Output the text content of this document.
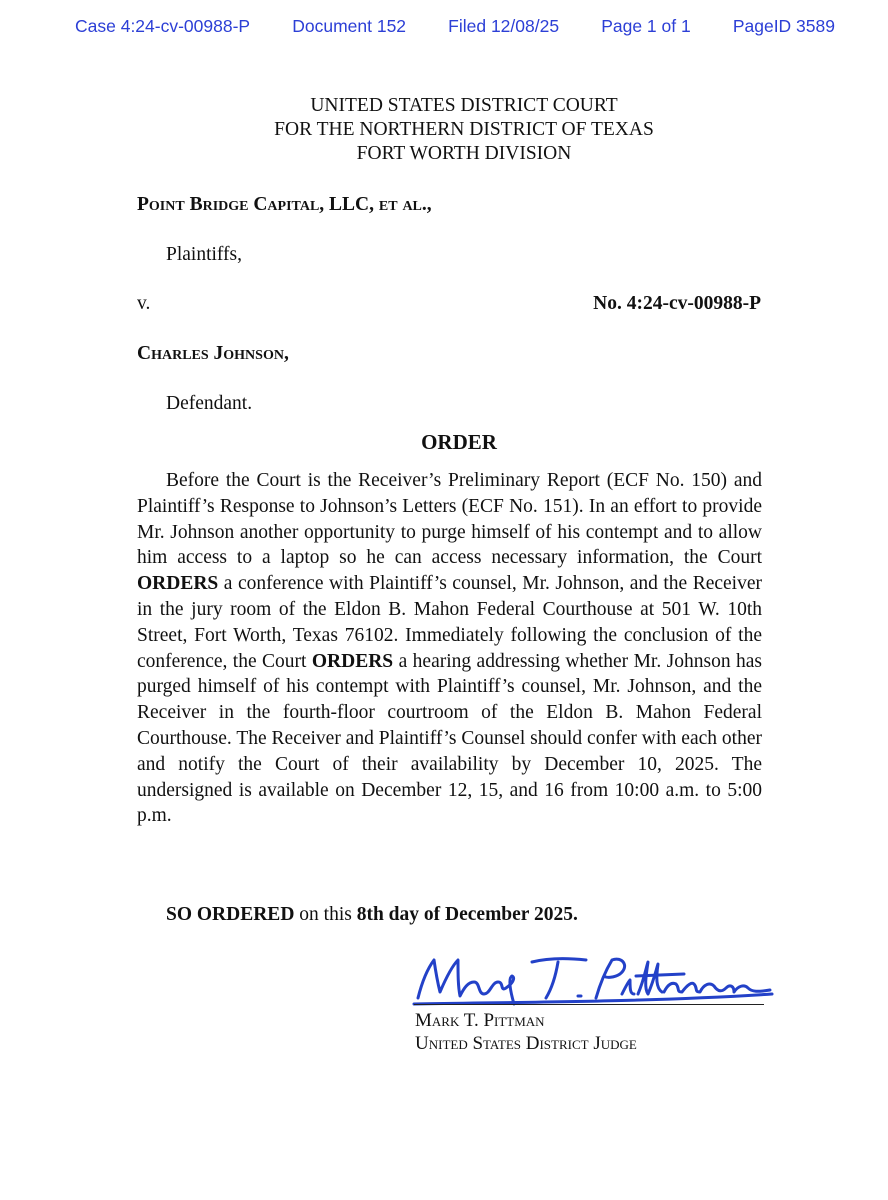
Case 4:24-cv-00988-P Document 152 Filed 12/08/25 Page 1 of 1 PageID 3589
UNITED STATES DISTRICT COURT
FOR THE NORTHERN DISTRICT OF TEXAS
FORT WORTH DIVISION
Point Bridge Capital, LLC, et al.,
Plaintiffs,
v.	No. 4:24-cv-00988-P
Charles Johnson,
Defendant.
ORDER

Before the Court is the Receiver’s Preliminary Report (ECF No. 150) and Plaintiff’s Response to Johnson’s Letters (ECF No. 151). In an effort to provide Mr. Johnson another opportunity to purge himself of his contempt and to allow him access to a laptop so he can access necessary information, the Court ORDERS a conference with Plaintiff’s counsel, Mr. Johnson, and the Receiver in the jury room of the Eldon B. Mahon Federal Courthouse at 501 W. 10th Street, Fort Worth, Texas 76102. Immediately following the conclusion of the conference, the Court ORDERS a hearing addressing whether Mr. Johnson has purged himself of his contempt with Plaintiff’s counsel, Mr. Johnson, and the Receiver in the fourth-floor courtroom of the Eldon B. Mahon Federal Courthouse. The Receiver and Plaintiff’s Counsel should confer with each other and notify the Court of their availability by December 10, 2025. The undersigned is available on December 12, 15, and 16 from 10:00 a.m. to 5:00 p.m.

SO ORDERED on this 8th day of December 2025.
Mark T. Pittman
United States District Judge
